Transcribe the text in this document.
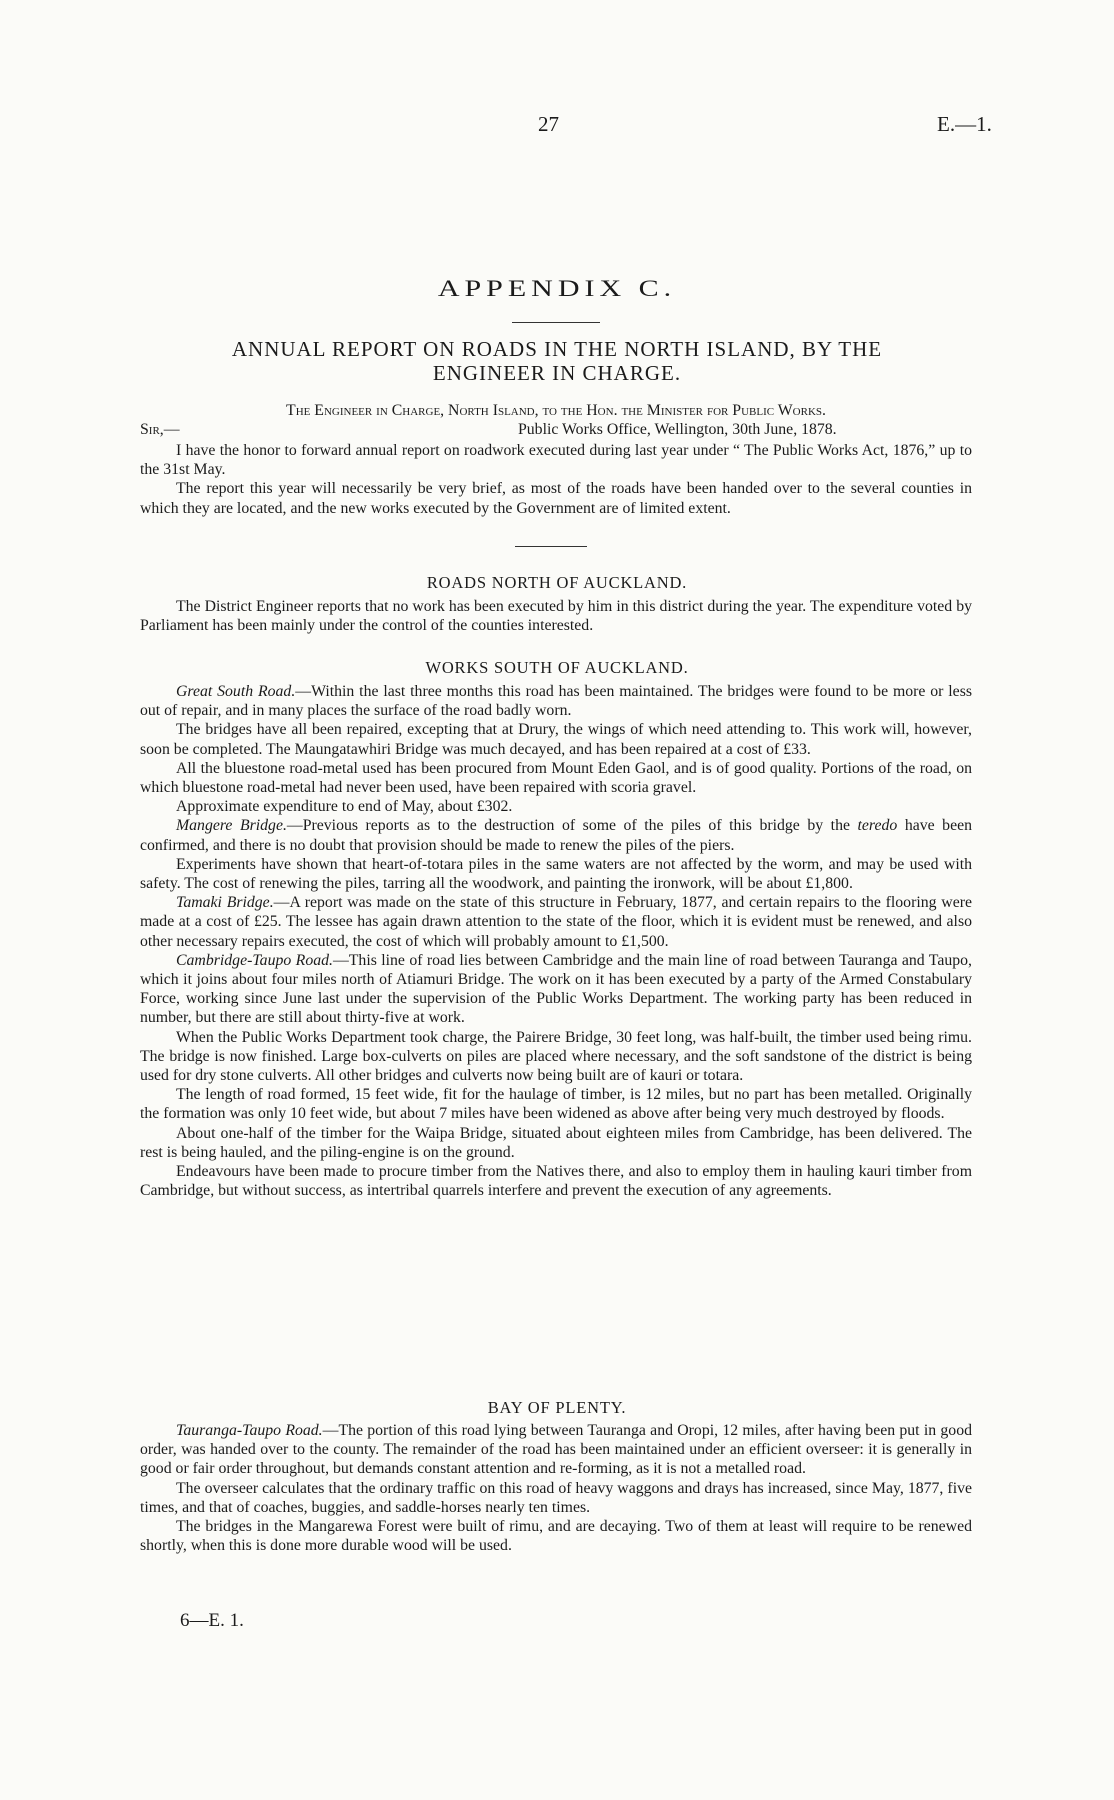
27	E.—1.
APPENDIX C.
ANNUAL REPORT ON ROADS IN THE NORTH ISLAND, BY THE
ENGINEER IN CHARGE.
The Engineer in Charge, North Island, to the Hon. the Minister for Public Works.
Sir,—	Public Works Office, Wellington, 30th June, 1878.

I have the honor to forward annual report on roadwork executed during last year under “ The Public Works Act, 1876,” up to the 31st May.

The report this year will necessarily be very brief, as most of the roads have been handed over to the several counties in which they are located, and the new works executed by the Government are of limited extent.

ROADS NORTH OF AUCKLAND.

The District Engineer reports that no work has been executed by him in this district during the year. The expenditure voted by Parliament has been mainly under the control of the counties interested.

WORKS SOUTH OF AUCKLAND.

Great South Road.—Within the last three months this road has been maintained. The bridges were found to be more or less out of repair, and in many places the surface of the road badly worn.

The bridges have all been repaired, excepting that at Drury, the wings of which need attending to. This work will, however, soon be completed. The Maungatawhiri Bridge was much decayed, and has been repaired at a cost of £33.

All the bluestone road-metal used has been procured from Mount Eden Gaol, and is of good quality. Portions of the road, on which bluestone road-metal had never been used, have been repaired with scoria gravel.

Approximate expenditure to end of May, about £302.

Mangere Bridge.—Previous reports as to the destruction of some of the piles of this bridge by the teredo have been confirmed, and there is no doubt that provision should be made to renew the piles of the piers.

Experiments have shown that heart-of-totara piles in the same waters are not affected by the worm, and may be used with safety. The cost of renewing the piles, tarring all the woodwork, and painting the ironwork, will be about £1,800.

Tamaki Bridge.—A report was made on the state of this structure in February, 1877, and certain repairs to the flooring were made at a cost of £25. The lessee has again drawn attention to the state of the floor, which it is evident must be renewed, and also other necessary repairs executed, the cost of which will probably amount to £1,500.

Cambridge-Taupo Road.—This line of road lies between Cambridge and the main line of road between Tauranga and Taupo, which it joins about four miles north of Atiamuri Bridge. The work on it has been executed by a party of the Armed Constabulary Force, working since June last under the supervision of the Public Works Department. The working party has been reduced in number, but there are still about thirty-five at work.

When the Public Works Department took charge, the Pairere Bridge, 30 feet long, was half-built, the timber used being rimu. The bridge is now finished. Large box-culverts on piles are placed where necessary, and the soft sandstone of the district is being used for dry stone culverts. All other bridges and culverts now being built are of kauri or totara.

The length of road formed, 15 feet wide, fit for the haulage of timber, is 12 miles, but no part has been metalled. Originally the formation was only 10 feet wide, but about 7 miles have been widened as above after being very much destroyed by floods.

About one-half of the timber for the Waipa Bridge, situated about eighteen miles from Cambridge, has been delivered. The rest is being hauled, and the piling-engine is on the ground.

Endeavours have been made to procure timber from the Natives there, and also to employ them in hauling kauri timber from Cambridge, but without success, as intertribal quarrels interfere and prevent the execution of any agreements.

BAY OF PLENTY.

Tauranga-Taupo Road.—The portion of this road lying between Tauranga and Oropi, 12 miles, after having been put in good order, was handed over to the county. The remainder of the road has been maintained under an efficient overseer: it is generally in good or fair order throughout, but demands constant attention and re-forming, as it is not a metalled road.

The overseer calculates that the ordinary traffic on this road of heavy waggons and drays has increased, since May, 1877, five times, and that of coaches, buggies, and saddle-horses nearly ten times.

The bridges in the Mangarewa Forest were built of rimu, and are decaying. Two of them at least will require to be renewed shortly, when this is done more durable wood will be used.

6—E. 1.
